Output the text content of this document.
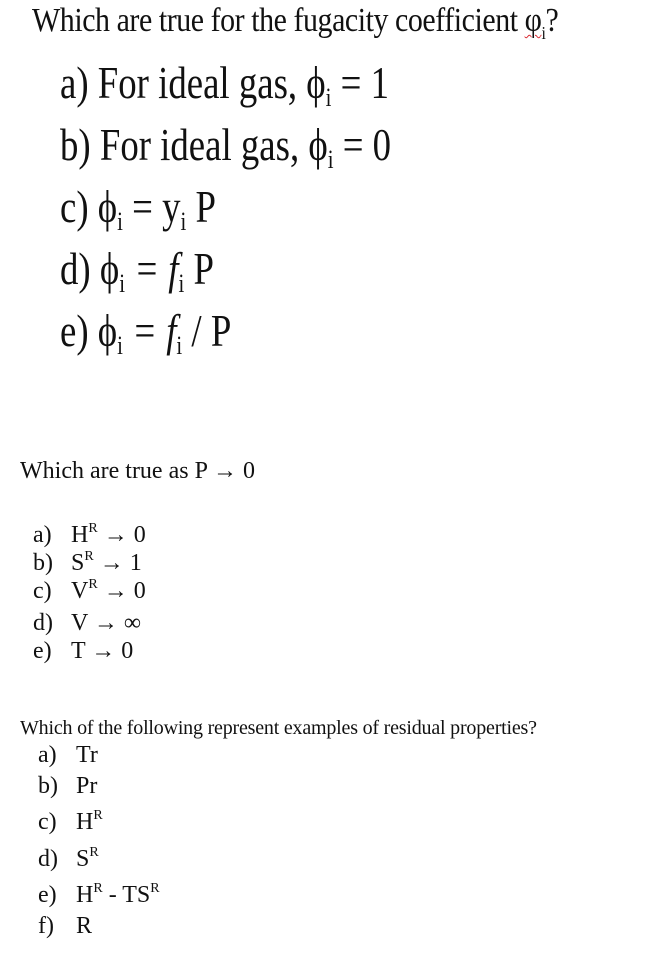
Which are true for the fugacity coefficient $\varphi_i$?
a) For ideal gas, $\phi_i = 1$
b) For ideal gas, $\phi_i = 0$
c) $\phi_i = y_i$ P
d) $\phi_i = f_i$ P
e) $\phi_i = f_i / P$
Which are true as P → 0
a) $H^R \to 0$
b) $S^R \to 1$
c) $V^R \to 0$
d) V → ∞
e) T → 0
Which of the following represent examples of residual properties?
a) Tr
b) Pr
c) $H^R$
d) $S^R$
e) $H^R - TS^R$
f) R
